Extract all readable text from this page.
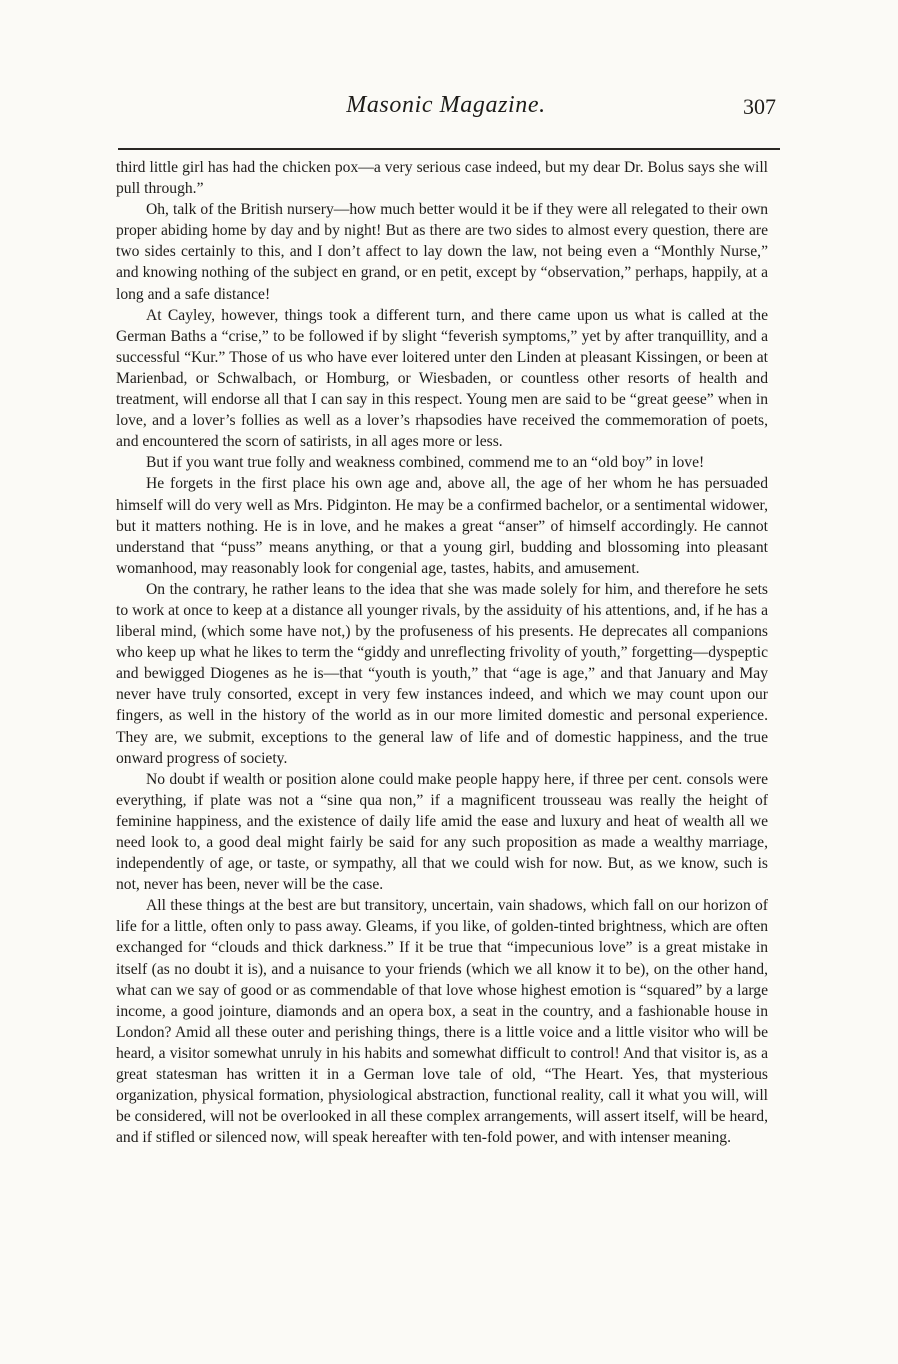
Masonic Magazine.	307

third little girl has had the chicken pox—a very serious case indeed, but my dear Dr. Bolus says she will pull through.”

Oh, talk of the British nursery—how much better would it be if they were all relegated to their own proper abiding home by day and by night! But as there are two sides to almost every question, there are two sides certainly to this, and I don’t affect to lay down the law, not being even a “Monthly Nurse,” and knowing nothing of the subject en grand, or en petit, except by “observation,” perhaps, happily, at a long and a safe distance!

At Cayley, however, things took a different turn, and there came upon us what is called at the German Baths a “crise,” to be followed if by slight “feverish symptoms,” yet by after tranquillity, and a successful “Kur.” Those of us who have ever loitered unter den Linden at pleasant Kissingen, or been at Marienbad, or Schwalbach, or Homburg, or Wiesbaden, or countless other resorts of health and treatment, will endorse all that I can say in this respect. Young men are said to be “great geese” when in love, and a lover’s follies as well as a lover’s rhapsodies have received the commemoration of poets, and encountered the scorn of satirists, in all ages more or less.

But if you want true folly and weakness combined, commend me to an “old boy” in love!

He forgets in the first place his own age and, above all, the age of her whom he has persuaded himself will do very well as Mrs. Pidginton. He may be a confirmed bachelor, or a sentimental widower, but it matters nothing. He is in love, and he makes a great “anser” of himself accordingly. He cannot understand that “puss” means anything, or that a young girl, budding and blossoming into pleasant womanhood, may reasonably look for congenial age, tastes, habits, and amusement.

On the contrary, he rather leans to the idea that she was made solely for him, and therefore he sets to work at once to keep at a distance all younger rivals, by the assiduity of his attentions, and, if he has a liberal mind, (which some have not,) by the profuseness of his presents. He deprecates all companions who keep up what he likes to term the “giddy and unreflecting frivolity of youth,” forgetting—dyspeptic and bewigged Diogenes as he is—that “youth is youth,” that “age is age,” and that January and May never have truly consorted, except in very few instances indeed, and which we may count upon our fingers, as well in the history of the world as in our more limited domestic and personal experience. They are, we submit, exceptions to the general law of life and of domestic happiness, and the true onward progress of society.

No doubt if wealth or position alone could make people happy here, if three per cent. consols were everything, if plate was not a “sine qua non,” if a magnificent trousseau was really the height of feminine happiness, and the existence of daily life amid the ease and luxury and heat of wealth all we need look to, a good deal might fairly be said for any such proposition as made a wealthy marriage, independently of age, or taste, or sympathy, all that we could wish for now. But, as we know, such is not, never has been, never will be the case.

All these things at the best are but transitory, uncertain, vain shadows, which fall on our horizon of life for a little, often only to pass away. Gleams, if you like, of golden-tinted brightness, which are often exchanged for “clouds and thick darkness.” If it be true that “impecunious love” is a great mistake in itself (as no doubt it is), and a nuisance to your friends (which we all know it to be), on the other hand, what can we say of good or as commendable of that love whose highest emotion is “squared” by a large income, a good jointure, diamonds and an opera box, a seat in the country, and a fashionable house in London? Amid all these outer and perishing things, there is a little voice and a little visitor who will be heard, a visitor somewhat unruly in his habits and somewhat difficult to control! And that visitor is, as a great statesman has written it in a German love tale of old, “The Heart. Yes, that mysterious organization, physical formation, physiological abstraction, functional reality, call it what you will, will be considered, will not be overlooked in all these complex arrangements, will assert itself, will be heard, and if stifled or silenced now, will speak hereafter with ten-fold power, and with intenser meaning.
